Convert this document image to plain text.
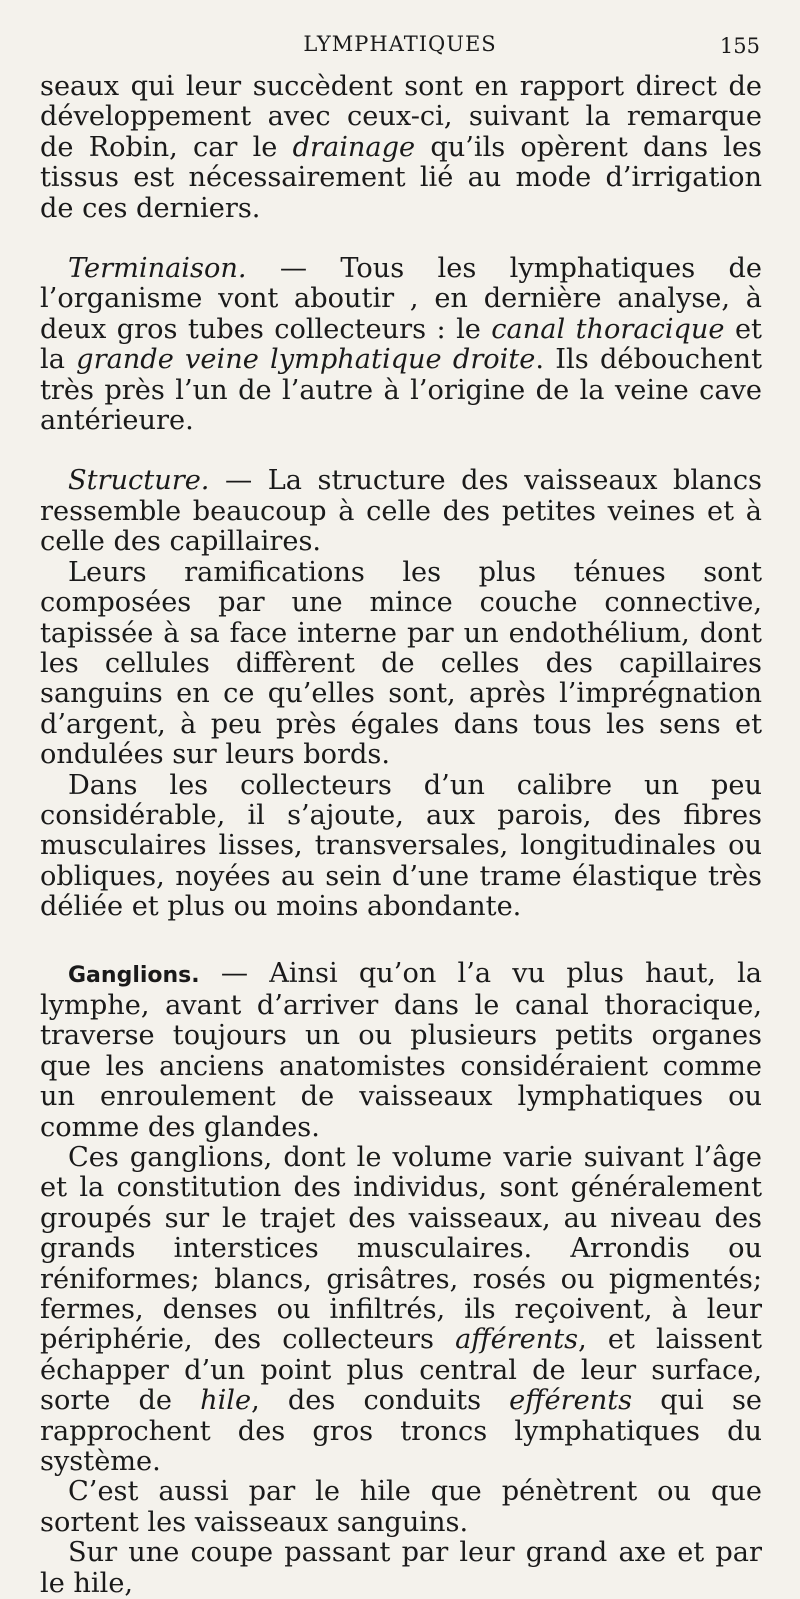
LYMPHATIQUES	155

seaux qui leur succèdent sont en rapport direct de développement avec ceux-ci, suivant la remarque de Robin, car le drainage qu’ils opèrent dans les tissus est nécessairement lié au mode d’irrigation de ces derniers.

Terminaison. — Tous les lymphatiques de l’organisme vont aboutir , en dernière analyse, à deux gros tubes collecteurs : le canal thoracique et la grande veine lymphatique droite. Ils débouchent très près l’un de l’autre à l’origine de la veine cave antérieure.

Structure. — La structure des vaisseaux blancs ressemble beaucoup à celle des petites veines et à celle des capillaires.

Leurs ramifications les plus ténues sont composées par une mince couche connective, tapissée à sa face interne par un endothélium, dont les cellules diffèrent de celles des capillaires sanguins en ce qu’elles sont, après l’imprégnation d’argent, à peu près égales dans tous les sens et ondulées sur leurs bords.

Dans les collecteurs d’un calibre un peu considérable, il s’ajoute, aux parois, des fibres musculaires lisses, transversales, longitudinales ou obliques, noyées au sein d’une trame élastique très déliée et plus ou moins abondante.

Ganglions. — Ainsi qu’on l’a vu plus haut, la lymphe, avant d’arriver dans le canal thoracique, traverse toujours un ou plusieurs petits organes que les anciens anatomistes considéraient comme un enroulement de vaisseaux lymphatiques ou comme des glandes.

Ces ganglions, dont le volume varie suivant l’âge et la constitution des individus, sont généralement groupés sur le trajet des vaisseaux, au niveau des grands interstices musculaires. Arrondis ou réniformes; blancs, grisâtres, rosés ou pigmentés; fermes, denses ou infiltrés, ils reçoivent, à leur périphérie, des collecteurs afférents, et laissent échapper d’un point plus central de leur surface, sorte de hile, des conduits efférents qui se rapprochent des gros troncs lymphatiques du système.

C’est aussi par le hile que pénètrent ou que sortent les vaisseaux sanguins.

Sur une coupe passant par leur grand axe et par le hile,
